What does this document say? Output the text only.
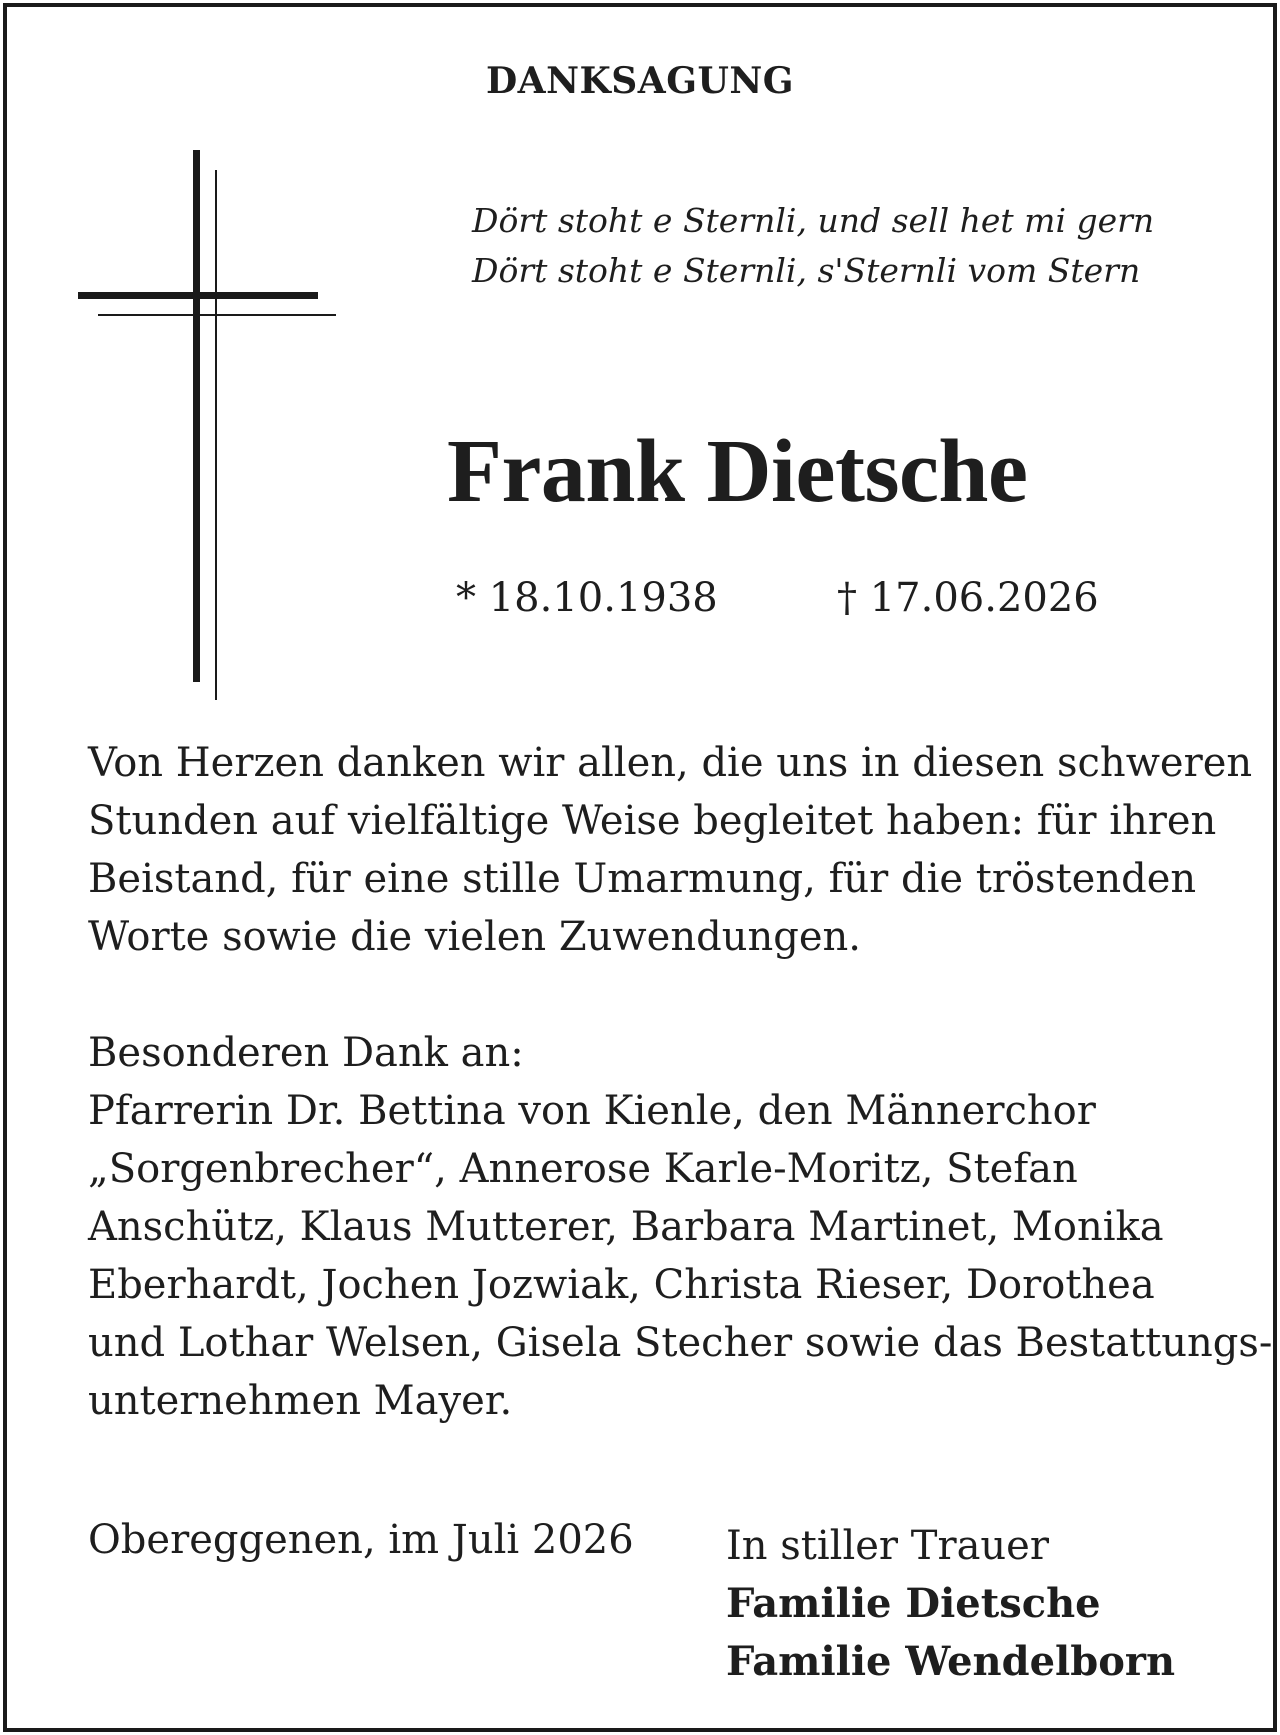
DANKSAGUNG
Dört stoht e Sternli, und sell het mi gern
Dört stoht e Sternli, s'Sternli vom Stern
Frank Dietsche
* 18.10.1938	† 17.06.2026
Von Herzen danken wir allen, die uns in diesen schweren
Stunden auf vielfältige Weise begleitet haben: für ihren
Beistand, für eine stille Umarmung, für die tröstenden
Worte sowie die vielen Zuwendungen.
Besonderen Dank an:
Pfarrerin Dr. Bettina von Kienle, den Männerchor
„Sorgenbrecher“, Annerose Karle-Moritz, Stefan
Anschütz, Klaus Mutterer, Barbara Martinet, Monika
Eberhardt, Jochen Jozwiak, Christa Rieser, Dorothea
und Lothar Welsen, Gisela Stecher sowie das Bestattungs-
unternehmen Mayer.
Obereggenen, im Juli 2026 In stiller Trauer
Familie Dietsche
Familie Wendelborn
